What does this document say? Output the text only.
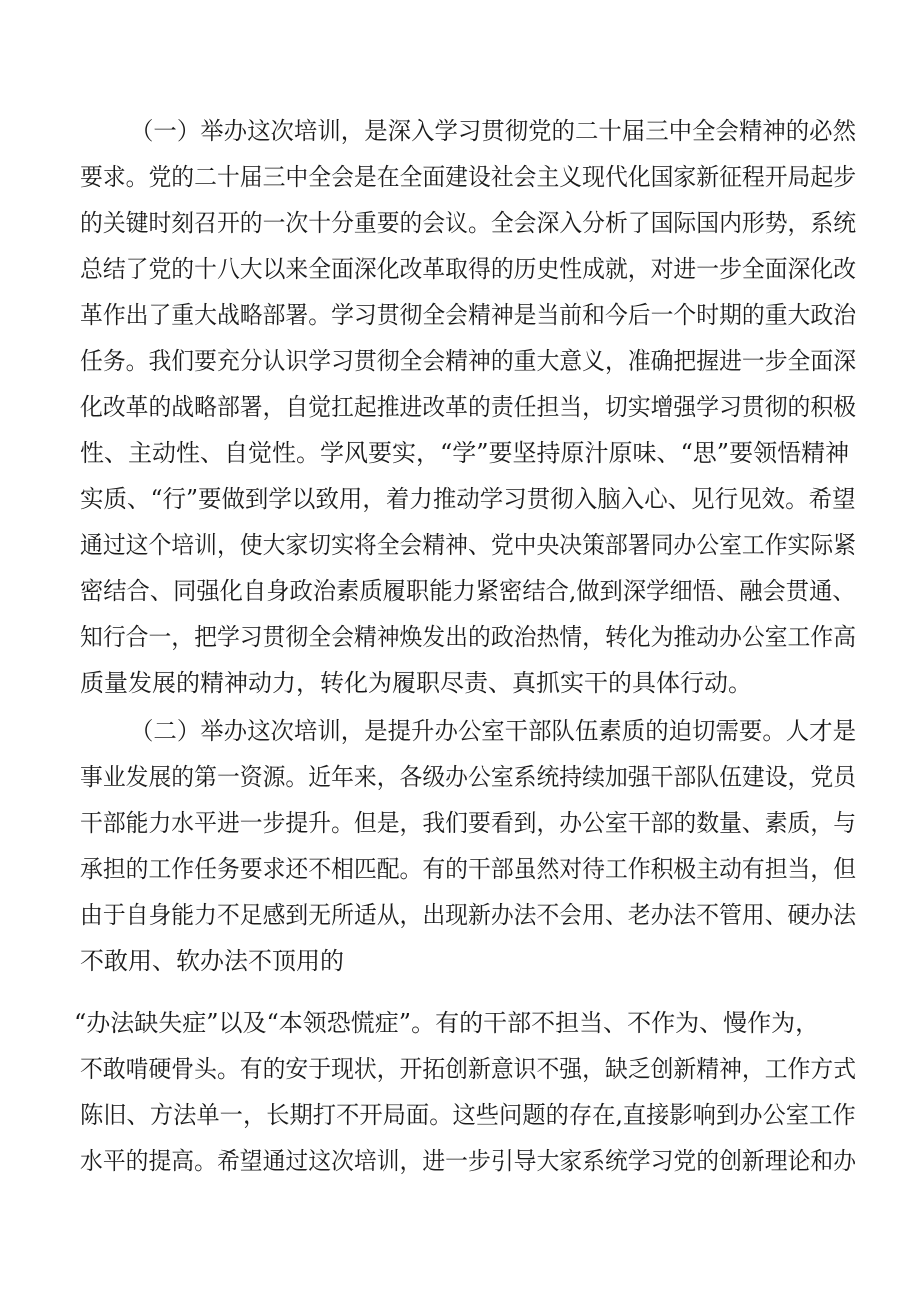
（一）举办这次培训，是深入学习贯彻党的二十届三中全会精神的必然
要求。党的二十届三中全会是在全面建设社会主义现代化国家新征程开局起步
的关键时刻召开的一次十分重要的会议。全会深入分析了国际国内形势，系统
总结了党的十八大以来全面深化改革取得的历史性成就，对进一步全面深化改
革作出了重大战略部署。学习贯彻全会精神是当前和今后一个时期的重大政治
任务。我们要充分认识学习贯彻全会精神的重大意义，准确把握进一步全面深
化改革的战略部署，自觉扛起推进改革的责任担当，切实增强学习贯彻的积极
性、主动性、自觉性。学风要实，“学”要坚持原汁原味、“思”要领悟精神
实质、“行”要做到学以致用，着力推动学习贯彻入脑入心、见行见效。希望
通过这个培训，使大家切实将全会精神、党中央决策部署同办公室工作实际紧
密结合、同强化自身政治素质履职能力紧密结合,做到深学细悟、融会贯通、
知行合一，把学习贯彻全会精神焕发出的政治热情，转化为推动办公室工作高
质量发展的精神动力，转化为履职尽责、真抓实干的具体行动。
（二）举办这次培训，是提升办公室干部队伍素质的迫切需要。人才是
事业发展的第一资源。近年来，各级办公室系统持续加强干部队伍建设，党员
干部能力水平进一步提升。但是，我们要看到，办公室干部的数量、素质，与
承担的工作任务要求还不相匹配。有的干部虽然对待工作积极主动有担当，但
由于自身能力不足感到无所适从，出现新办法不会用、老办法不管用、硬办法
不敢用、软办法不顶用的
“办法缺失症”以及“本领恐慌症”。有的干部不担当、不作为、慢作为，
不敢啃硬骨头。有的安于现状，开拓创新意识不强，缺乏创新精神，工作方式
陈旧、方法单一，长期打不开局面。这些问题的存在,直接影响到办公室工作
水平的提高。希望通过这次培训，进一步引导大家系统学习党的创新理论和办
